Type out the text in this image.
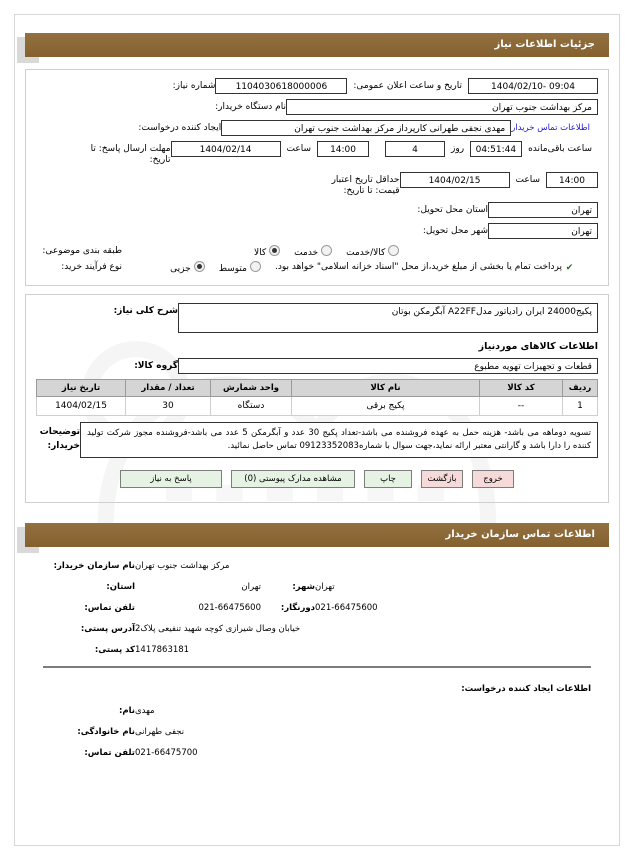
جزئیات اطلاعات نیاز
شماره نیاز:	1104030618000006	تاریخ و ساعت اعلان عمومی:	09:04 -1404/02/10
نام دستگاه خریدار:	مرکز بهداشت جنوب تهران
ایجاد کننده درخواست:	مهدی نجفی طهرانی کارپرداز مرکز بهداشت جنوب تهران اطلاعات تماس خریدار
مهلت ارسال پاسخ: تا تاریخ:
1404/02/14	ساعت	14:00	4	روز	04:51:44	ساعت باقی‌مانده
حداقل تاریخ اعتبار قیمت: تا تاریخ:
1404/02/15	ساعت	14:00
استان محل تحویل:	تهران
شهر محل تحویل:	تهران
طبقه بندی موضوعی:	کالا	خدمت	کالا/خدمت
نوع فرآیند خرید:	جزیی	متوسط	✔پرداخت تمام یا بخشی از مبلغ خرید،از محل "اسناد خزانه اسلامی" خواهد بود.
شرح کلی نیاز:	پکیج24000 ایران رادیاتور مدلA22FF آبگرمکن بوتان
اطلاعات کالاهای موردنیاز
گروه کالا:	قطعات و تجهیزات تهویه مطبوع
ردیف	کد کالا	نام کالا	واحد شمارش	تعداد / مقدار	تاریخ نیاز
1	--	پکیج برقی	دستگاه	30	1404/02/15
توضیحات خریدار:
تسویه دوماهه می باشد- هزینه حمل به عهده فروشنده می باشد-تعداد پکیج 30 عدد و آبگرمکن 5 عدد می باشد-فروشنده مجوز شرکت تولید کننده را دارا باشد و گارانتی معتبر ارائه نماید،جهت سوال با شماره09123352083 تماس حاصل نمائید.
پاسخ به نیاز	مشاهده مدارک پیوستی (0)	چاپ	بازگشت	خروج
اطلاعات تماس سازمان خریدار
نام سازمان خریدار: مرکز بهداشت جنوب تهران
استان:	تهران	شهر: تهران
تلفن تماس:	021-66475600	دورنگار: 021-66475600
آدرس پستی: خیابان وصال شیرازی کوچه شهید تنفیعی پلاک2
کد پستی: 1417863181
اطلاعات ایجاد کننده درخواست:
نام: مهدی
نام خانوادگی: نجفی طهرانی
تلفن تماس: 021-66475700
